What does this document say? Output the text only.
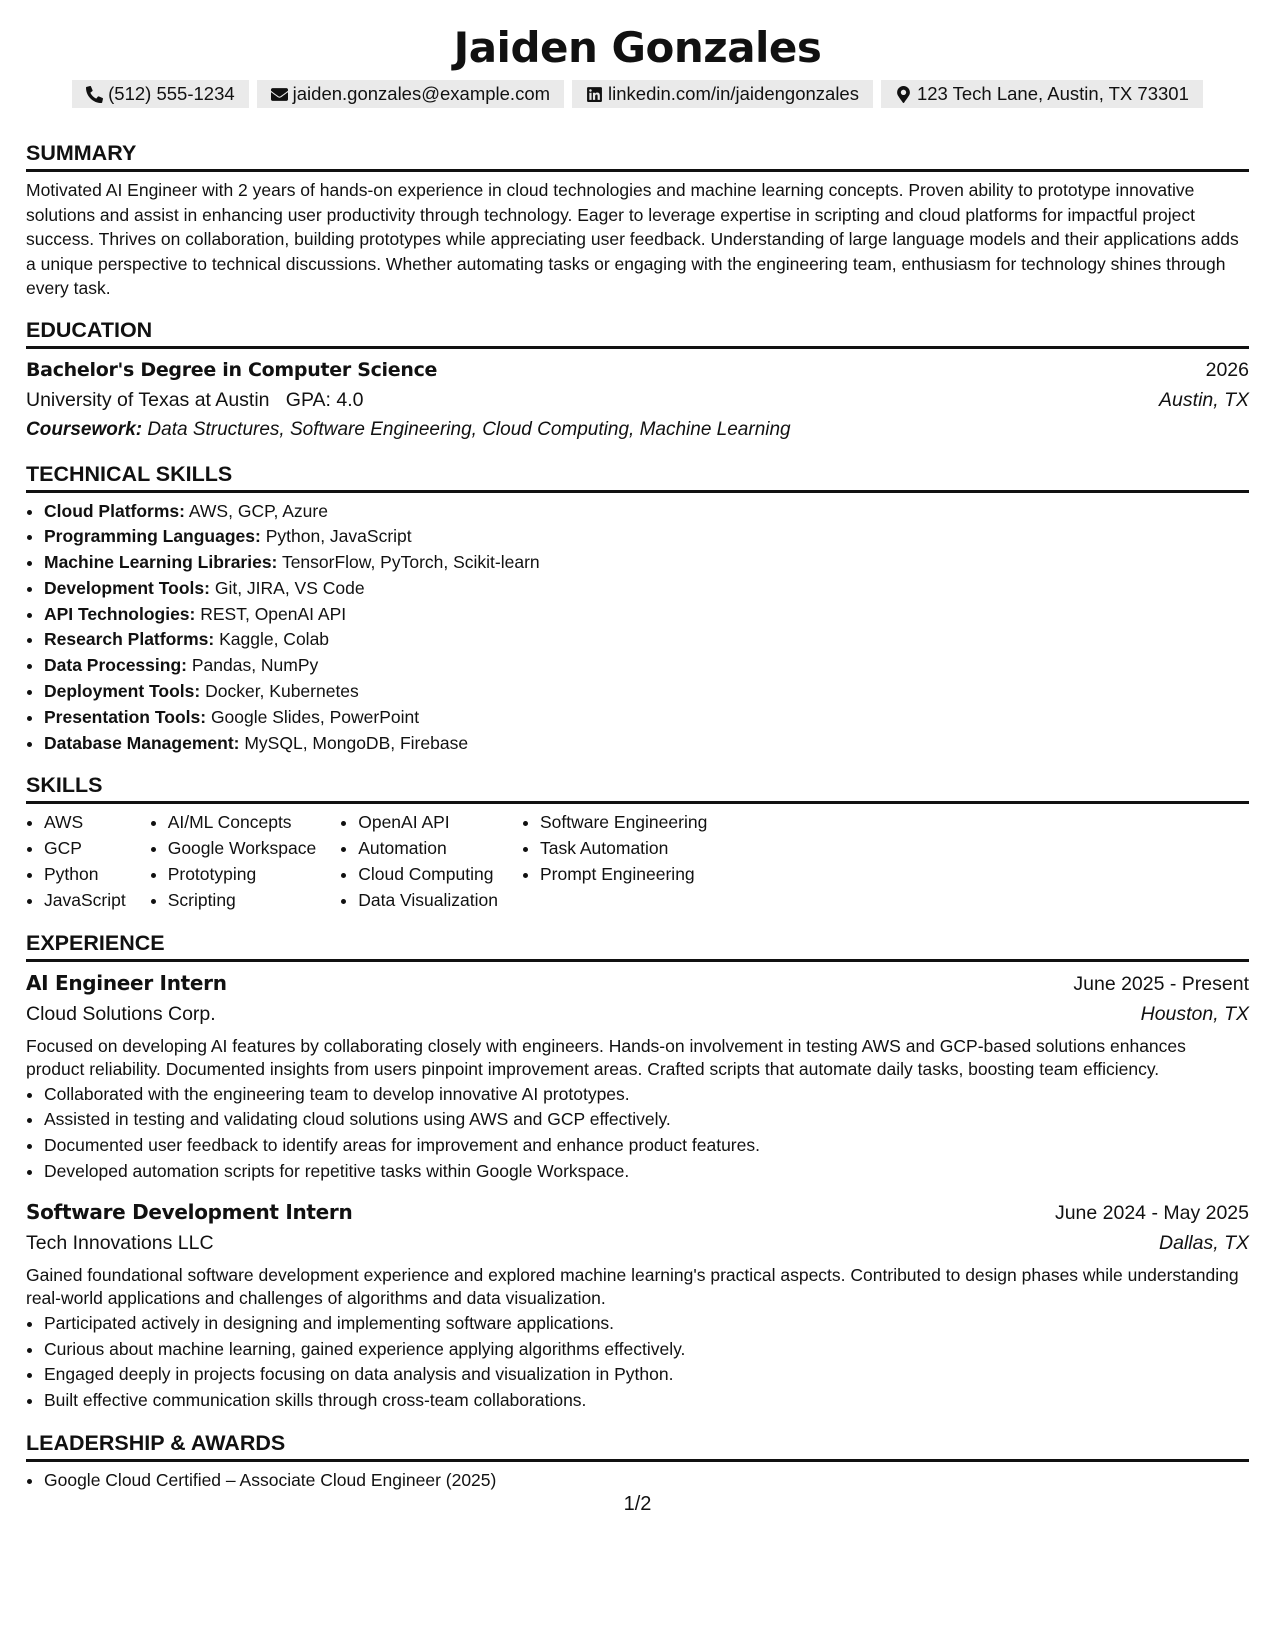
Jaiden Gonzales
(512) 555-1234	jaiden.gonzales@example.com	linkedin.com/in/jaidengonzales	123 Tech Lane, Austin, TX 73301
SUMMARY
Motivated AI Engineer with 2 years of hands-on experience in cloud technologies and machine learning concepts. Proven ability to prototype innovative solutions and assist in enhancing user productivity through technology. Eager to leverage expertise in scripting and cloud platforms for impactful project success. Thrives on collaboration, building prototypes while appreciating user feedback. Understanding of large language models and their applications adds a unique perspective to technical discussions. Whether automating tasks or engaging with the engineering team, enthusiasm for technology shines through every task.
EDUCATION
Bachelor's Degree in Computer Science	2026
University of Texas at Austin GPA: 4.0	Austin, TX
Coursework: Data Structures, Software Engineering, Cloud Computing, Machine Learning
TECHNICAL SKILLS
• Cloud Platforms: AWS, GCP, Azure
• Programming Languages: Python, JavaScript
• Machine Learning Libraries: TensorFlow, PyTorch, Scikit-learn
• Development Tools: Git, JIRA, VS Code
• API Technologies: REST, OpenAI API
• Research Platforms: Kaggle, Colab
• Data Processing: Pandas, NumPy
• Deployment Tools: Docker, Kubernetes
• Presentation Tools: Google Slides, PowerPoint
• Database Management: MySQL, MongoDB, Firebase
SKILLS
• AWS
• GCP
• Python
• JavaScript
• AI/ML Concepts
• Google Workspace
• Prototyping
• Scripting
• OpenAI API
• Automation
• Cloud Computing
• Data Visualization
• Software Engineering
• Task Automation
• Prompt Engineering
EXPERIENCE
AI Engineer Intern	June 2025 - Present
Cloud Solutions Corp.	Houston, TX
Focused on developing AI features by collaborating closely with engineers. Hands-on involvement in testing AWS and GCP-based solutions enhances product reliability. Documented insights from users pinpoint improvement areas. Crafted scripts that automate daily tasks, boosting team efficiency.
• Collaborated with the engineering team to develop innovative AI prototypes.
• Assisted in testing and validating cloud solutions using AWS and GCP effectively.
• Documented user feedback to identify areas for improvement and enhance product features.
• Developed automation scripts for repetitive tasks within Google Workspace.
Software Development Intern	June 2024 - May 2025
Tech Innovations LLC	Dallas, TX
Gained foundational software development experience and explored machine learning's practical aspects. Contributed to design phases while understanding real-world applications and challenges of algorithms and data visualization.
• Participated actively in designing and implementing software applications.
• Curious about machine learning, gained experience applying algorithms effectively.
• Engaged deeply in projects focusing on data analysis and visualization in Python.
• Built effective communication skills through cross-team collaborations.
LEADERSHIP & AWARDS
• Google Cloud Certified – Associate Cloud Engineer (2025)
1/2
